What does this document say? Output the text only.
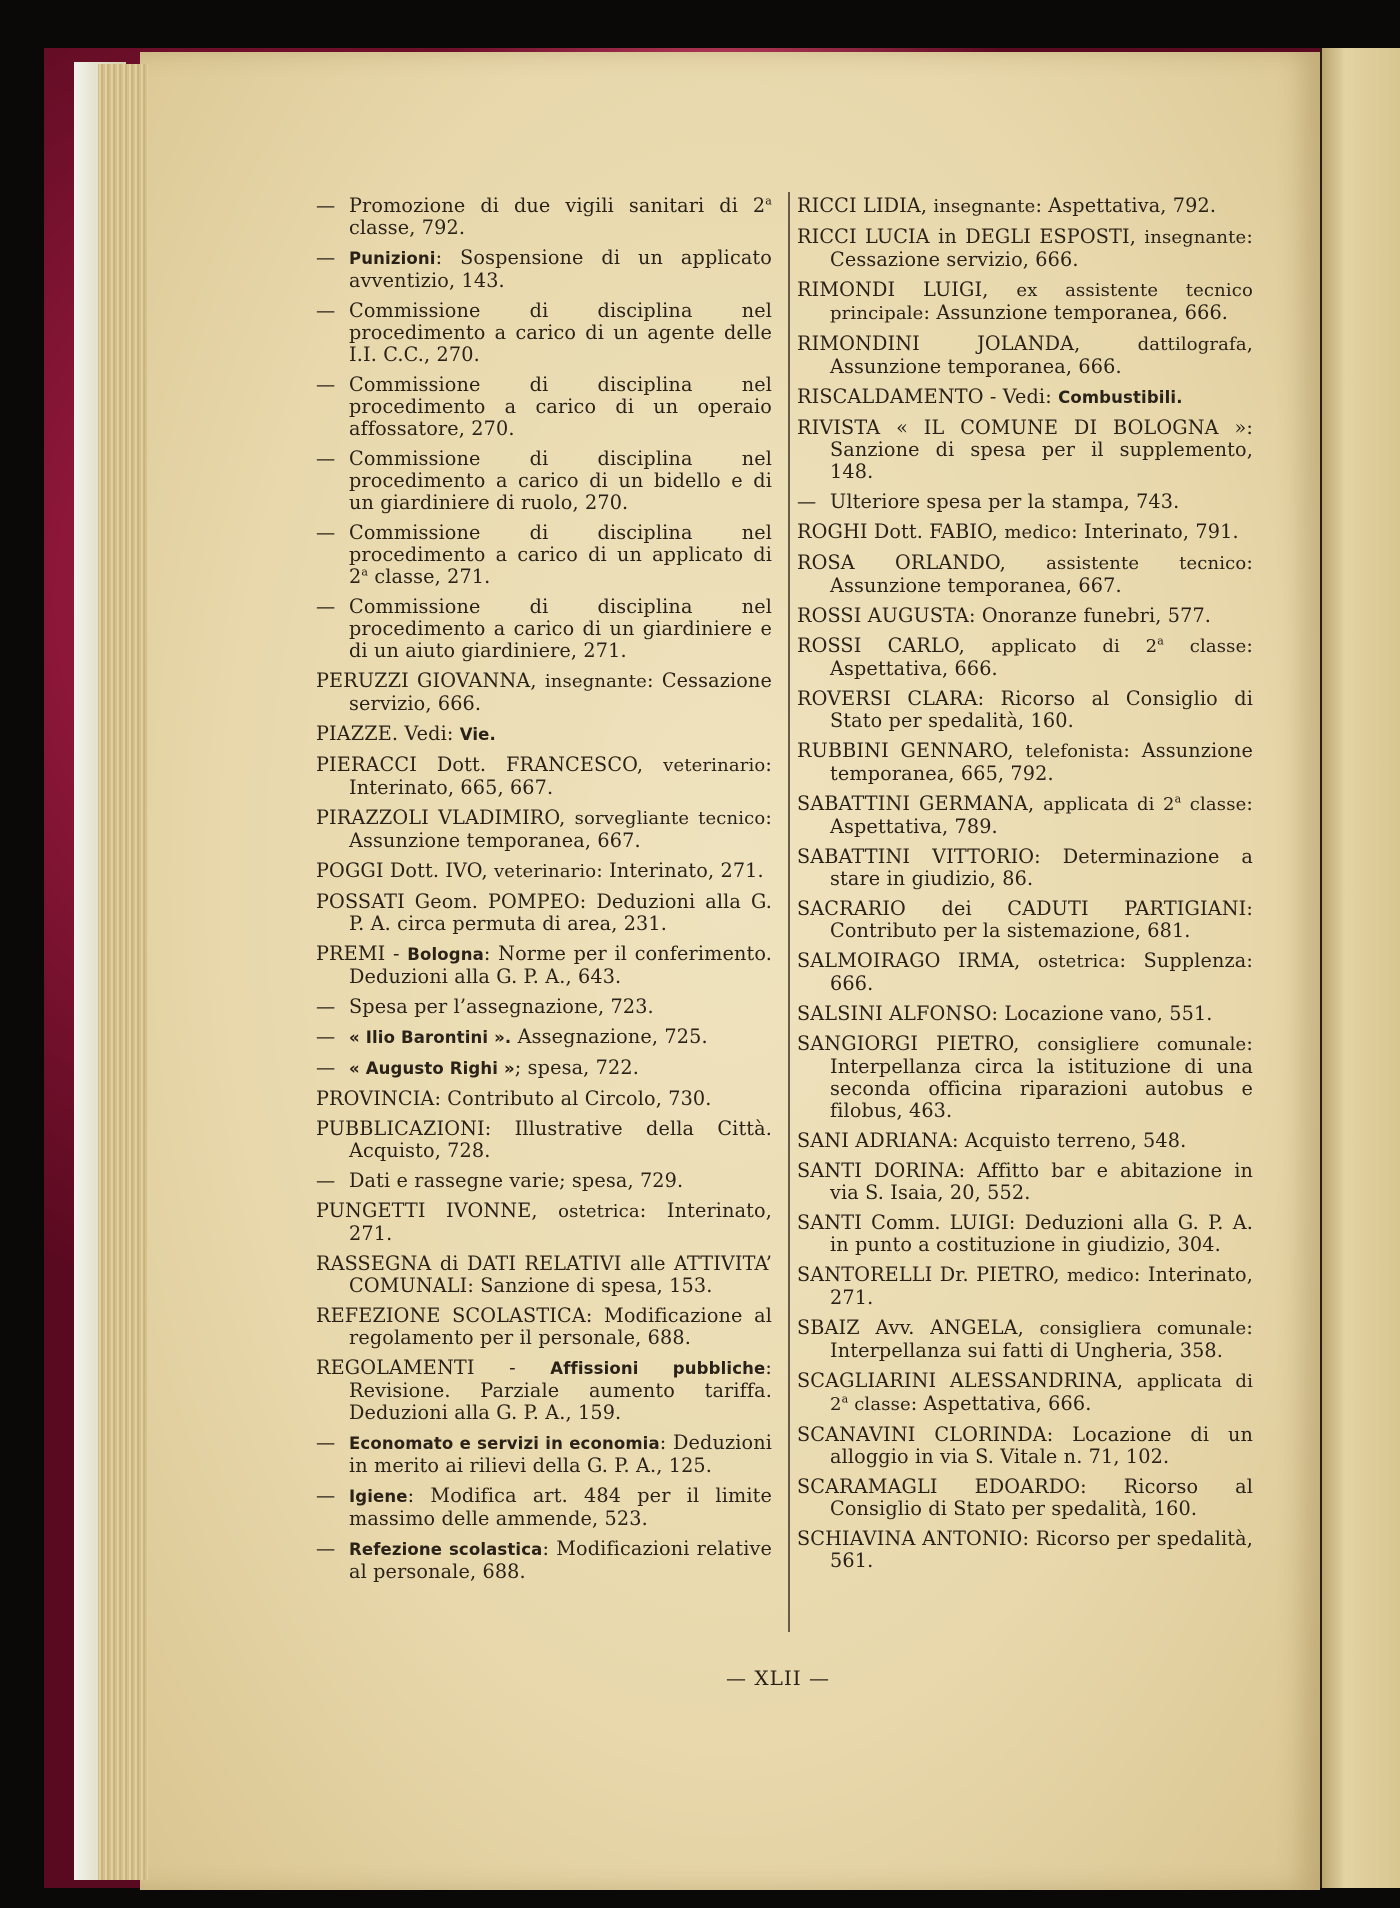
— Promozione di due vigili sanitari di 2$^a$ classe, 792.
— Punizioni: Sospensione di un applicato avventizio, 143.
— Commissione di disciplina nel procedimento a carico di un agente delle I.I. C.C., 270.
— Commissione di disciplina nel procedimento a carico di un operaio affossatore, 270.
— Commissione di disciplina nel procedimento a carico di un bidello e di un giardiniere di ruolo, 270.
— Commissione di disciplina nel procedimento a carico di un applicato di 2$^a$ classe, 271.
— Commissione di disciplina nel procedimento a carico di un giardiniere e di un aiuto giardiniere, 271.
PERUZZI GIOVANNA, insegnante: Cessazione servizio, 666.
PIAZZE. Vedi: Vie.
PIERACCI Dott. FRANCESCO, veterinario: Interinato, 665, 667.
PIRAZZOLI VLADIMIRO, sorvegliante tecnico: Assunzione temporanea, 667.
POGGI Dott. IVO, veterinario: Interinato, 271.
POSSATI Geom. POMPEO: Deduzioni alla G. P. A. circa permuta di area, 231.
PREMI - Bologna: Norme per il conferimento. Deduzioni alla G. P. A., 643.
— Spesa per l’assegnazione, 723.
— « Ilio Barontini ». Assegnazione, 725.
— « Augusto Righi »; spesa, 722.
PROVINCIA: Contributo al Circolo, 730.
PUBBLICAZIONI: Illustrative della Città. Acquisto, 728.
— Dati e rassegne varie; spesa, 729.
PUNGETTI IVONNE, ostetrica: Interinato, 271.
RASSEGNA di DATI RELATIVI alle ATTIVITA’ COMUNALI: Sanzione di spesa, 153.
REFEZIONE SCOLASTICA: Modificazione al regolamento per il personale, 688.
REGOLAMENTI - Affissioni pubbliche: Revisione. Parziale aumento tariffa. Deduzioni alla G. P. A., 159.
— Economato e servizi in economia: Deduzioni in merito ai rilievi della G. P. A., 125.
— Igiene: Modifica art. 484 per il limite massimo delle ammende, 523.
— Refezione scolastica: Modificazioni relative al personale, 688.
RICCI LIDIA, insegnante: Aspettativa, 792.
RICCI LUCIA in DEGLI ESPOSTI, insegnante: Cessazione servizio, 666.
RIMONDI LUIGI, ex assistente tecnico principale: Assunzione temporanea, 666.
RIMONDINI JOLANDA, dattilografa, Assunzione temporanea, 666.
RISCALDAMENTO - Vedi: Combustibili.
RIVISTA « IL COMUNE DI BOLOGNA »: Sanzione di spesa per il supplemento, 148.
— Ulteriore spesa per la stampa, 743.
ROGHI Dott. FABIO, medico: Interinato, 791.
ROSA ORLANDO, assistente tecnico: Assunzione temporanea, 667.
ROSSI AUGUSTA: Onoranze funebri, 577.
ROSSI CARLO, applicato di 2$^a$ classe: Aspettativa, 666.
ROVERSI CLARA: Ricorso al Consiglio di Stato per spedalità, 160.
RUBBINI GENNARO, telefonista: Assunzione temporanea, 665, 792.
SABATTINI GERMANA, applicata di 2$^a$ classe: Aspettativa, 789.
SABATTINI VITTORIO: Determinazione a stare in giudizio, 86.
SACRARIO dei CADUTI PARTIGIANI: Contributo per la sistemazione, 681.
SALMOIRAGO IRMA, ostetrica: Supplenza: 666.
SALSINI ALFONSO: Locazione vano, 551.
SANGIORGI PIETRO, consigliere comunale: Interpellanza circa la istituzione di una seconda officina riparazioni autobus e filobus, 463.
SANI ADRIANA: Acquisto terreno, 548.
SANTI DORINA: Affitto bar e abitazione in via S. Isaia, 20, 552.
SANTI Comm. LUIGI: Deduzioni alla G. P. A. in punto a costituzione in giudizio, 304.
SANTORELLI Dr. PIETRO, medico: Interinato, 271.
SBAIZ Avv. ANGELA, consigliera comunale: Interpellanza sui fatti di Ungheria, 358.
SCAGLIARINI ALESSANDRINA, applicata di 2$^a$ classe: Aspettativa, 666.
SCANAVINI CLORINDA: Locazione di un alloggio in via S. Vitale n. 71, 102.
SCARAMAGLI EDOARDO: Ricorso al Consiglio di Stato per spedalità, 160.
SCHIAVINA ANTONIO: Ricorso per spedalità, 561.
— XLII —
